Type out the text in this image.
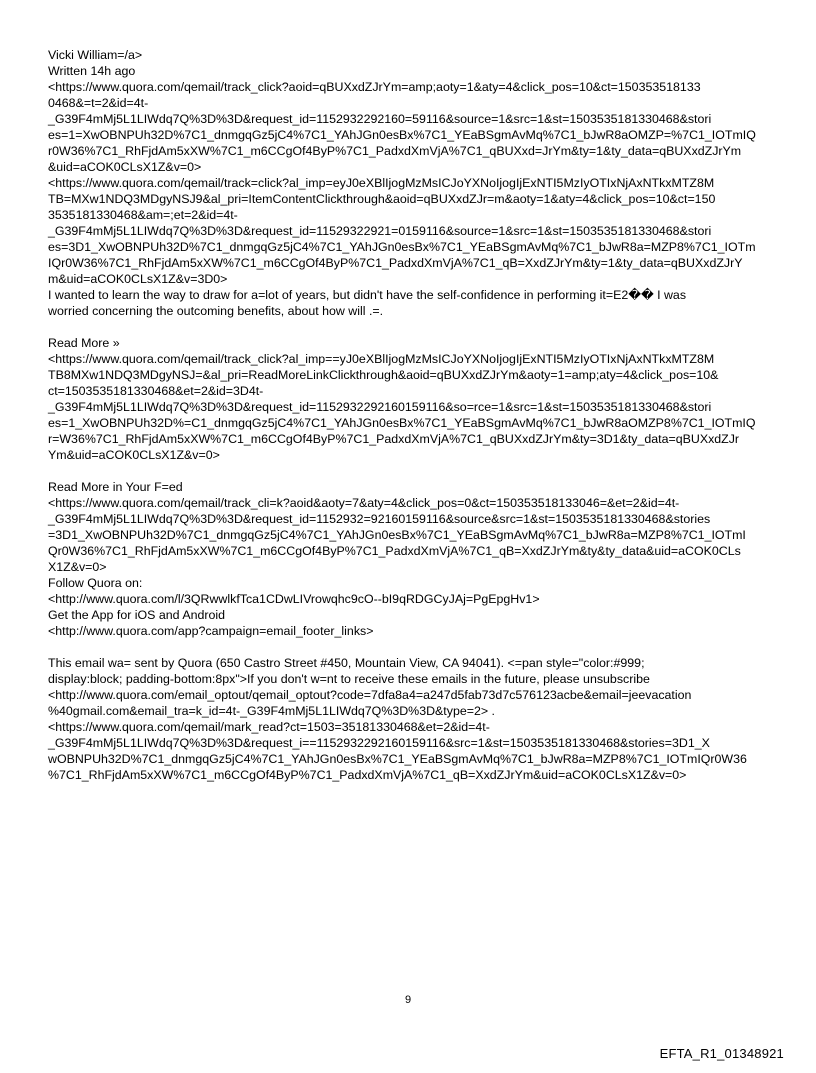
Vicki William=/a>
Written 14h ago
<https://www.quora.com/qemail/track_click?aoid=qBUXxdZJrYm=amp;aoty=1&aty=4&click_pos=10&ct=150353518133
0468&=t=2&id=4t-
_G39F4mMj5L1LIWdq7Q%3D%3D&request_id=1152932292160=59116&source=1&src=1&st=1503535181330468&stori
es=1=XwOBNPUh32D%7C1_dnmgqGz5jC4%7C1_YAhJGn0esBx%7C1_YEaBSgmAvMq%7C1_bJwR8aOMZP=%7C1_IOTmIQ
r0W36%7C1_RhFjdAm5xXW%7C1_m6CCgOf4ByP%7C1_PadxdXmVjA%7C1_qBUXxd=JrYm&ty=1&ty_data=qBUXxdZJrYm
&uid=aCOK0CLsX1Z&v=0>
<https://www.quora.com/qemail/track=click?al_imp=eyJ0eXBlIjogMzMsICJoYXNoIjogIjExNTI5MzIyOTIxNjAxNTkxMTZ8M
TB=MXw1NDQ3MDgyNSJ9&al_pri=ItemContentClickthrough&aoid=qBUXxdZJr=m&aoty=1&aty=4&click_pos=10&ct=150
3535181330468&am=;et=2&id=4t-
_G39F4mMj5L1LIWdq7Q%3D%3D&request_id=11529322921=0159116&source=1&src=1&st=1503535181330468&stori
es=3D1_XwOBNPUh32D%7C1_dnmgqGz5jC4%7C1_YAhJGn0esBx%7C1_YEaBSgmAvMq%7C1_bJwR8a=MZP8%7C1_IOTm
IQr0W36%7C1_RhFjdAm5xXW%7C1_m6CCgOf4ByP%7C1_PadxdXmVjA%7C1_qB=XxdZJrYm&ty=1&ty_data=qBUXxdZJrY
m&uid=aCOK0CLsX1Z&v=3D0>
I wanted to learn the way to draw for a=lot of years, but didn't have the self-confidence in performing it=E2�� I was
worried concerning the outcoming benefits, about how will .=.
Read More »
<https://www.quora.com/qemail/track_click?al_imp==yJ0eXBlIjogMzMsICJoYXNoIjogIjExNTI5MzIyOTIxNjAxNTkxMTZ8M
TB8MXw1NDQ3MDgyNSJ=&al_pri=ReadMoreLinkClickthrough&aoid=qBUXxdZJrYm&aoty=1=amp;aty=4&click_pos=10&
ct=1503535181330468&et=2&id=3D4t-
_G39F4mMj5L1LIWdq7Q%3D%3D&request_id=1152932292160159116&so=rce=1&src=1&st=1503535181330468&stori
es=1_XwOBNPUh32D%=C1_dnmgqGz5jC4%7C1_YAhJGn0esBx%7C1_YEaBSgmAvMq%7C1_bJwR8aOMZP8%7C1_IOTmIQ
r=W36%7C1_RhFjdAm5xXW%7C1_m6CCgOf4ByP%7C1_PadxdXmVjA%7C1_qBUXxdZJrYm&ty=3D1&ty_data=qBUXxdZJr
Ym&uid=aCOK0CLsX1Z&v=0>
Read More in Your F=ed
<https://www.quora.com/qemail/track_cli=k?aoid&aoty=7&aty=4&click_pos=0&ct=150353518133046=&et=2&id=4t-
_G39F4mMj5L1LIWdq7Q%3D%3D&request_id=1152932=92160159116&source&src=1&st=1503535181330468&stories
=3D1_XwOBNPUh32D%7C1_dnmgqGz5jC4%7C1_YAhJGn0esBx%7C1_YEaBSgmAvMq%7C1_bJwR8a=MZP8%7C1_IOTmI
Qr0W36%7C1_RhFjdAm5xXW%7C1_m6CCgOf4ByP%7C1_PadxdXmVjA%7C1_qB=XxdZJrYm&ty&ty_data&uid=aCOK0CLs
X1Z&v=0>
Follow Quora on:
<http://www.quora.com/l/3QRwwlkfTca1CDwLIVrowqhc9cO--bI9qRDGCyJAj=PgEpgHv1>
Get the App for iOS and Android
<http://www.quora.com/app?campaign=email_footer_links>
This email wa= sent by Quora (650 Castro Street #450, Mountain View, CA 94041). <=pan style="color:#999;
display:block; padding-bottom:8px">If you don't w=nt to receive these emails in the future, please unsubscribe
<http://www.quora.com/email_optout/qemail_optout?code=7dfa8a4=a247d5fab73d7c576123acbe&email=jeevacation
%40gmail.com&email_tra=k_id=4t-_G39F4mMj5L1LIWdq7Q%3D%3D&type=2> .
<https://www.quora.com/qemail/mark_read?ct=1503=35181330468&et=2&id=4t-
_G39F4mMj5L1LIWdq7Q%3D%3D&request_i==1152932292160159116&src=1&st=1503535181330468&stories=3D1_X
wOBNPUh32D%7C1_dnmgqGz5jC4%7C1_YAhJGn0esBx%7C1_YEaBSgmAvMq%7C1_bJwR8a=MZP8%7C1_IOTmIQr0W36
%7C1_RhFjdAm5xXW%7C1_m6CCgOf4ByP%7C1_PadxdXmVjA%7C1_qB=XxdZJrYm&uid=aCOK0CLsX1Z&v=0>
9
EFTA_R1_01348921
